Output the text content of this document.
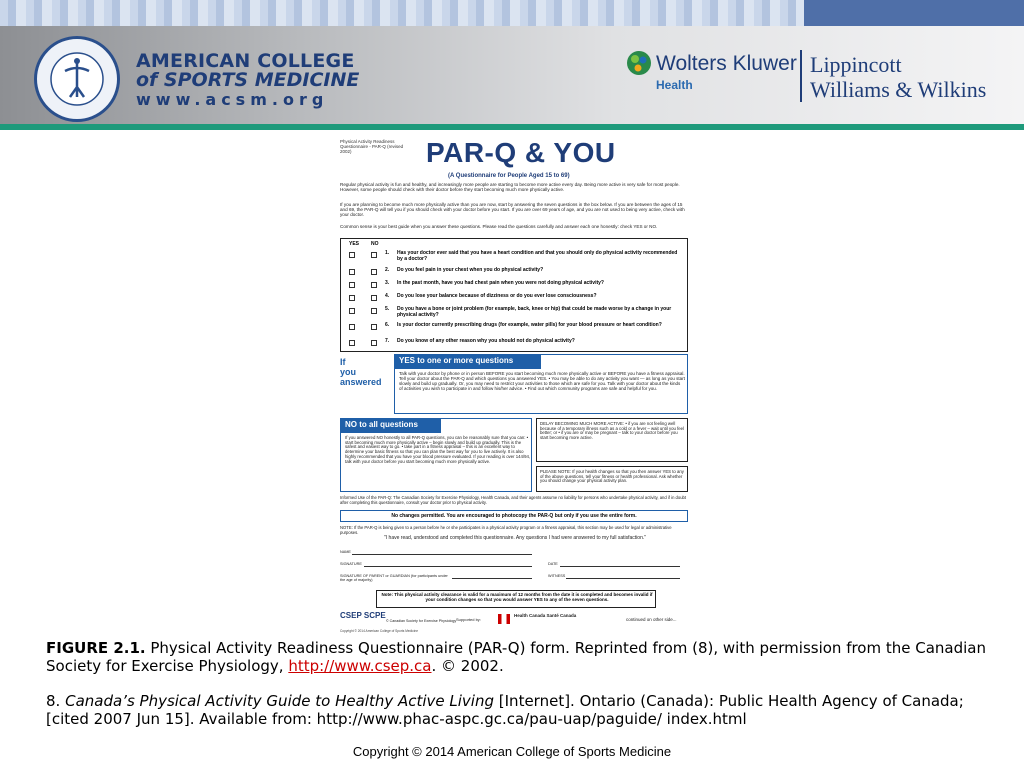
AMERICAN COLLEGE
of SPORTS MEDICINE
www.acsm.org
Wolters Kluwer
Health
Lippincott
Williams & Wilkins
Physical Activity Readiness Questionnaire - PAR-Q (revised 2002)	PAR-Q & YOU
(A Questionnaire for People Aged 15 to 69)
Regular physical activity is fun and healthy, and increasingly more people are starting to become more active every day. Being more active is very safe for most people. However, some people should check with their doctor before they start becoming much more physically active.
If you are planning to become much more physically active than you are now, start by answering the seven questions in the box below. If you are between the ages of 15 and 69, the PAR-Q will tell you if you should check with your doctor before you start. If you are over 69 years of age, and you are not used to being very active, check with your doctor.
Common sense is your best guide when you answer these questions. Please read the questions carefully and answer each one honestly: check YES or NO.
YES NO
1. Has your doctor ever said that you have a heart condition and that you should only do physical activity recommended by a doctor?
2. Do you feel pain in your chest when you do physical activity?
3. In the past month, have you had chest pain when you were not doing physical activity?
4. Do you lose your balance because of dizziness or do you ever lose consciousness?
5. Do you have a bone or joint problem (for example, back, knee or hip) that could be made worse by a change in your physical activity?
6. Is your doctor currently prescribing drugs (for example, water pills) for your blood pressure or heart condition?
7. Do you know of any other reason why you should not do physical activity?
If
you
answered
YES to one or more questions
Talk with your doctor by phone or in person BEFORE you start becoming much more physically active or BEFORE you have a fitness appraisal. Tell your doctor about the PAR-Q and which questions you answered YES. • You may be able to do any activity you want — as long as you start slowly and build up gradually. Or, you may need to restrict your activities to those which are safe for you. Talk with your doctor about the kinds of activities you wish to participate in and follow his/her advice. • Find out which community programs are safe and helpful for you.
NO to all questions
If you answered NO honestly to all PAR-Q questions, you can be reasonably sure that you can: • start becoming much more physically active – begin slowly and build up gradually. This is the safest and easiest way to go. • take part in a fitness appraisal – this is an excellent way to determine your basic fitness so that you can plan the best way for you to live actively. It is also highly recommended that you have your blood pressure evaluated. If your reading is over 144/94, talk with your doctor before you start becoming much more physically active.
DELAY BECOMING MUCH MORE ACTIVE: • if you are not feeling well because of a temporary illness such as a cold or a fever – wait until you feel better; or • if you are or may be pregnant – talk to your doctor before you start becoming more active.
PLEASE NOTE: If your health changes so that you then answer YES to any of the above questions, tell your fitness or health professional. Ask whether you should change your physical activity plan.
Informed Use of the PAR-Q: The Canadian Society for Exercise Physiology, Health Canada, and their agents assume no liability for persons who undertake physical activity, and if in doubt after completing this questionnaire, consult your doctor prior to physical activity.
No changes permitted. You are encouraged to photocopy the PAR-Q but only if you use the entire form.
NOTE: If the PAR-Q is being given to a person before he or she participates in a physical activity program or a fitness appraisal, this section may be used for legal or administrative purposes.
"I have read, understood and completed this questionnaire. Any questions I had were answered to my full satisfaction."
NAME
SIGNATURE	DATE
SIGNATURE OF PARENT or GUARDIAN (for participants under the age of majority)
WITNESS
Note: This physical activity clearance is valid for a maximum of 12 months from the date it is completed and becomes invalid if your condition changes so that you would answer YES to any of the seven questions.
CSEP SCPE
© Canadian Society for Exercise Physiology Supported by:
Health Canada Santé Canada
continued on other side...
Copyright © 2014 American College of Sports Medicine
FIGURE 2.1. Physical Activity Readiness Questionnaire (PAR-Q) form. Reprinted from (8), with permission from the Canadian Society for Exercise Physiology, http://www.csep.ca. © 2002.
8. Canada’s Physical Activity Guide to Healthy Active Living [Internet]. Ontario (Canada): Public Health Agency of Canada; [cited 2007 Jun 15]. Available from: http://www.phac-aspc.gc.ca/pau-uap/paguide/ index.html
Copyright © 2014 American College of Sports Medicine
